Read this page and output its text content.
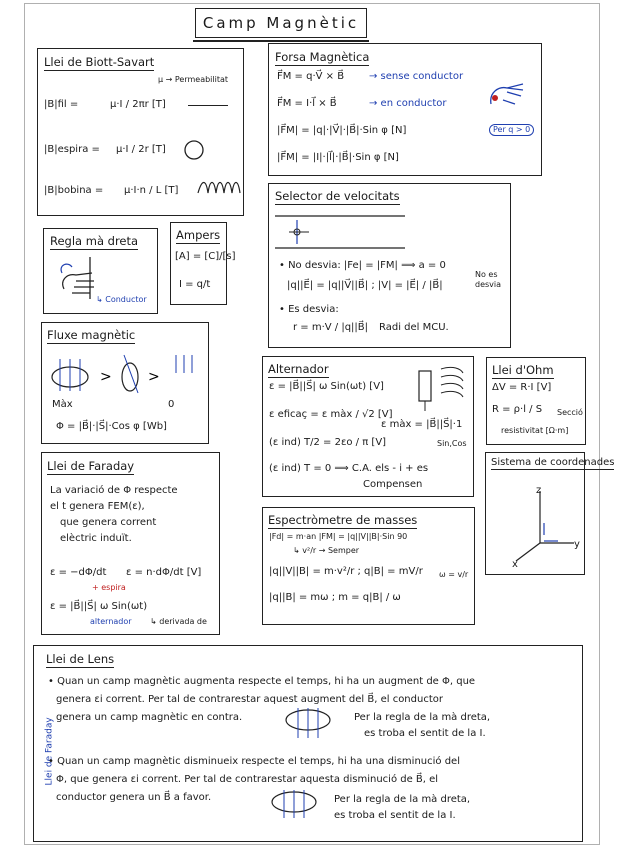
Camp Magnètic
Llei de Biott-Savart
μ → Permeabilitat
|B|fil =	μ·I / 2πr [T]
|B|espira = μ·I / 2r [T]
|B|bobina = μ·I·n / L [T]
Forsa Magnètica
F⃗M = q·V⃗ × B⃗ → sense conductor
F⃗M = I·l⃗ × B⃗	→ en conductor
|F⃗M| = |q|·|V⃗|·|B⃗|·Sin φ [N]
|F⃗M| = |I|·|l⃗|·|B⃗|·Sin φ [N]
Per q > 0
Regla mà dreta
↳ Conductor
Ampers
[A] = [C]/[s]
I = q/t
Selector de velocitats
• No desvia: |Fe| = |FM| ⟹ a = 0
|q||E⃗| = |q||V⃗||B⃗| ; |V| = |E⃗| / |B⃗|
No es desvia
• Es desvia:
r = m·V / |q||B⃗| Radi del MCU.
Fluxe magnètic
>	>
Màx	0
Φ = |B⃗|·|S⃗|·Cos φ [Wb]
Alternador
ε = |B⃗||S⃗| ω Sin(ωt) [V]
ε eficaç = ε màx / √2 [V]
ε màx = |B⃗||S⃗|·1
(ε ind) T/2 = 2εo / π [V]	Sin,Cos
(ε ind) T = 0 ⟹ C.A. els - i + es
Compensen
Llei d'Ohm
ΔV = R·I [V]
R = ρ·l / S Secció
resistivitat [Ω·m]
Llei de Faraday
La variació de Φ respecte
el t genera FEM(ε),
que genera corrent
elèctric induït.
ε = −dΦ/dt
+ espira
ε = n·dΦ/dt [V]
ε = |B⃗||S⃗| ω Sin(ωt)
alternador ↳ derivada de
Espectròmetre de masses
|Fd| = m·an |FM| = |q||V||B|·Sin 90
↳ v²/r → Semper
|q||V||B| = m·v²/r ; q|B| = mV/r ω = v/r
|q||B| = mω ; m = q|B| / ω
Sistema de coordenades
z
y
x
Llei de Lens
Llei de Faraday
• Quan un camp magnètic augmenta respecte el temps, hi ha un augment de Φ, que
genera εi corrent. Per tal de contrarestar aquest augment del B⃗, el conductor
genera un camp magnètic en contra.	Per la regla de la mà dreta,
es troba el sentit de la I.
• Quan un camp magnètic disminueix respecte el temps, hi ha una disminució del
Φ, que genera εi corrent. Per tal de contrarestar aquesta disminució de B⃗, el
conductor genera un B⃗ a favor.	Per la regla de la mà dreta,
es troba el sentit de la I.
